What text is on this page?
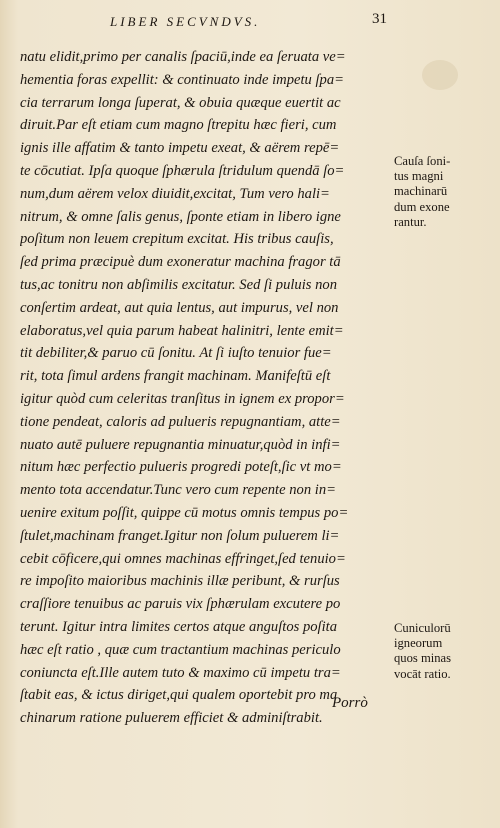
LIBER SECVNDVS.	31
natu elidit,primo per canalis ſpaciū,inde ea ſeruata ve=
hementia foras expellit: & continuato inde impetu ſpa=
cia terrarum longa ſuperat, & obuia quæque euertit ac
diruit.Par eſt etiam cum magno ſtrepitu hæc fieri, cum
ignis ille affatim & tanto impetu exeat, & aërem repē=
te cōcutiat. Ipſa quoque ſphærula ſtridulum quendā ſo=
num,dum aërem velox diuidit,excitat, Tum vero hali=
nitrum, & omne ſalis genus, ſponte etiam in libero igne
poſitum non leuem crepitum excitat. His tribus cauſis,
ſed prima præcipuè dum exoneratur machina fragor tā
tus,ac tonitru non abſimilis excitatur. Sed ſi puluis non
conſertim ardeat, aut quia lentus, aut impurus, vel non
elaboratus,vel quia parum habeat halinitri, lente emit=
tit debiliter,& paruo cū ſonitu. At ſi iuſto tenuior fue=
rit, tota ſimul ardens frangit machinam. Manifeſtū eſt
igitur quòd cum celeritas tranſitus in ignem ex propor=
tione pendeat, caloris ad pulueris repugnantiam, atte=
nuato autē puluere repugnantia minuatur,quòd in infi=
nitum hæc perfectio pulueris progredi poteſt,ſic vt mo=
mento tota accendatur.Tunc vero cum repente non in=
uenire exitum poſſit, quippe cū motus omnis tempus po=
ſtulet,machinam franget.Igitur non ſolum puluerem li=
cebit cōficere,qui omnes machinas effringet,ſed tenuio=
re impoſito maioribus machinis illæ peribunt, & rurſus
craſſiore tenuibus ac paruis vix ſphærulam excutere po
terunt. Igitur intra limites certos atque anguſtos poſita
hæc eſt ratio , quæ cum tractantium machinas periculo
coniuncta eſt.Ille autem tuto & maximo cū impetu tra=
ſtabit eas, & ictus diriget,qui qualem oportebit pro ma
chinarum ratione puluerem efficiet & adminiſtrabit.
Porrò
Cauſa ſoni-
tus magni
machinarū
dum exone
rantur.
Cuniculorū
igneorum
quos minas
vocāt ratio.
